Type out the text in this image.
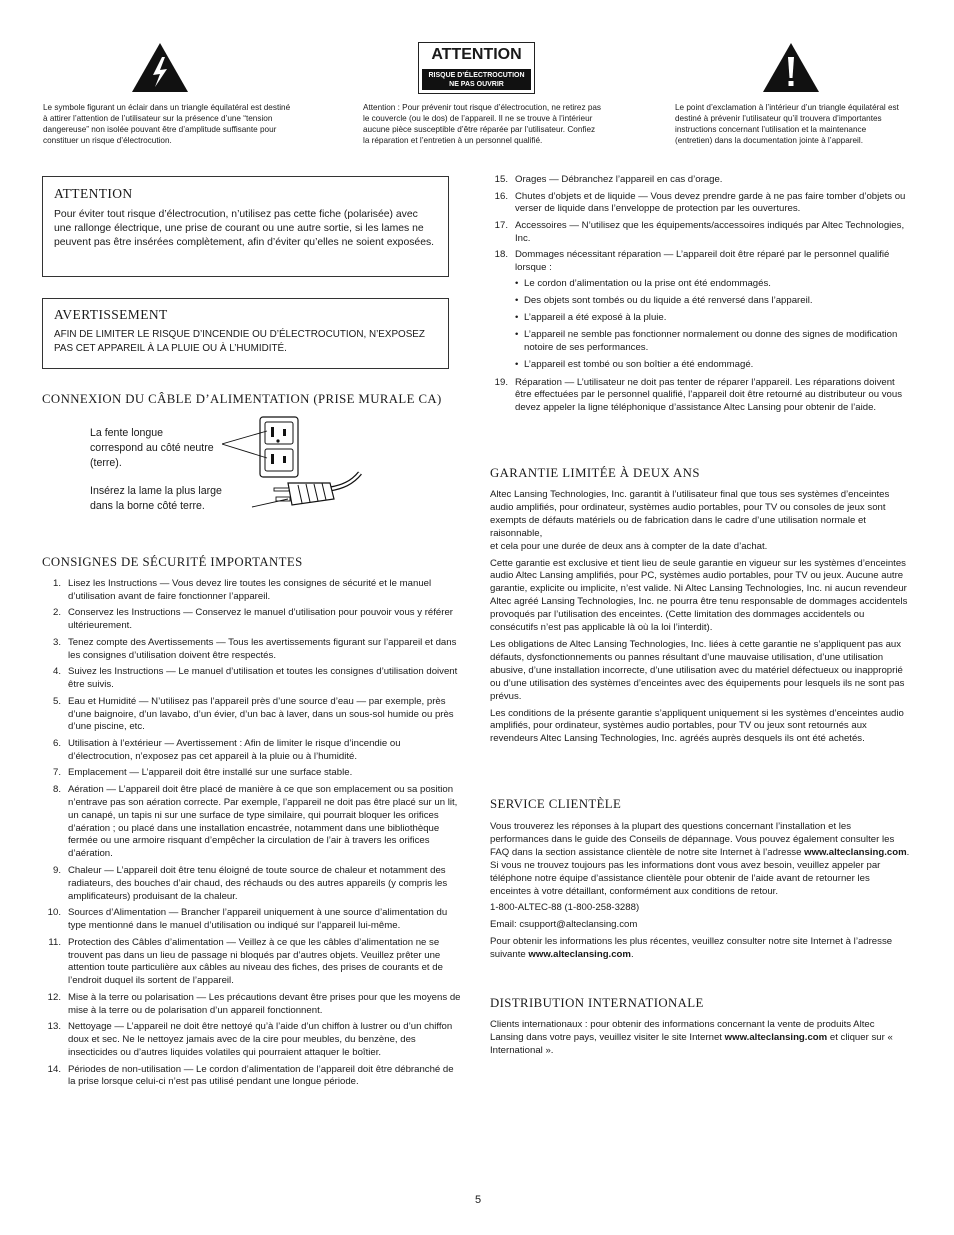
ATTENTION
RISQUE D’ÉLECTROCUTION
NE PAS OUVRIR

Le symbole figurant un éclair dans un triangle équilatéral est destiné à attirer l’attention de l’utilisateur sur la présence d’une “tension dangereuse” non isolée pouvant être d’amplitude suffisante pour constituer un risque d’électrocution.

Attention : Pour prévenir tout risque d’électrocution, ne retirez pas le couvercle (ou le dos) de l’appareil. Il ne se trouve à l’intérieur aucune pièce susceptible d’être réparée par l’utilisateur. Confiez la réparation et l’entretien à un personnel qualifié.

Le point d’exclamation à l’intérieur d’un triangle équilatéral est destiné à prévenir l’utilisateur qu’il trouvera d’importantes instructions concernant l’utilisation et la maintenance (entretien) dans la documentation jointe à l’appareil.

ATTENTION

Pour éviter tout risque d’électrocution, n’utilisez pas cette fiche (polarisée) avec une rallonge électrique, une prise de courant ou une autre sortie, si les lames ne peuvent pas être insérées complètement, afin d’éviter qu’elles ne soient exposées.

AVERTISSEMENT

AFIN DE LIMITER LE RISQUE D’INCENDIE OU D’ÉLECTROCUTION, N’EXPOSEZ PAS CET APPAREIL À LA PLUIE OU À L’HUMIDITÉ.

CONNEXION DU CÂBLE D’ALIMENTATION (PRISE MURALE CA)

La fente longue correspond au côté neutre (terre).

Insérez la lame la plus large dans la borne côté terre.

CONSIGNES DE SÉCURITÉ IMPORTANTES

1. Lisez les Instructions — Vous devez lire toutes les consignes de sécurité et le manuel d’utilisation avant de faire fonctionner l’appareil.
2. Conservez les Instructions — Conservez le manuel d’utilisation pour pouvoir vous y référer ultérieurement.
3. Tenez compte des Avertissements — Tous les avertissements figurant sur l’appareil et dans les consignes d’utilisation doivent être respectés.
4. Suivez les Instructions — Le manuel d’utilisation et toutes les consignes d’utilisation doivent être suivis.
5. Eau et Humidité — N’utilisez pas l’appareil près d’une source d’eau — par exemple, près d’une baignoire, d’un lavabo, d’un évier, d’un bac à laver, dans un sous-sol humide ou près d’une piscine, etc.
6. Utilisation à l’extérieur — Avertissement : Afin de limiter le risque d’incendie ou d’électrocution, n’exposez pas cet appareil à la pluie ou à l’humidité.
7. Emplacement — L’appareil doit être installé sur une surface stable.
8. Aération — L’appareil doit être placé de manière à ce que son emplacement ou sa position n’entrave pas son aération correcte. Par exemple, l’appareil ne doit pas être placé sur un lit, un canapé, un tapis ni sur une surface de type similaire, qui pourrait bloquer les orifices d’aération ; ou placé dans une installation encastrée, notamment dans une bibliothèque fermée ou une armoire risquant d’empêcher la circulation de l’air à travers les orifices d’aération.
9. Chaleur — L’appareil doit être tenu éloigné de toute source de chaleur et notamment des radiateurs, des bouches d’air chaud, des réchauds ou des autres appareils (y compris les amplificateurs) produisant de la chaleur.
10. Sources d’Alimentation — Brancher l’appareil uniquement à une source d’alimentation du type mentionné dans le manuel d’utilisation ou indiqué sur l’appareil lui-même.
11. Protection des Câbles d’alimentation — Veillez à ce que les câbles d’alimentation ne se trouvent pas dans un lieu de passage ni bloqués par d’autres objets. Veuillez prêter une attention toute particulière aux câbles au niveau des fiches, des prises de courants et de l’endroit duquel ils sortent de l’appareil.
12. Mise à la terre ou polarisation — Les précautions devant être prises pour que les moyens de mise à la terre ou de polarisation d’un appareil fonctionnent.
13. Nettoyage — L’appareil ne doit être nettoyé qu’à l’aide d’un chiffon à lustrer ou d’un chiffon doux et sec. Ne le nettoyez jamais avec de la cire pour meubles, du benzène, des insecticides ou d’autres liquides volatiles qui pourraient attaquer le boîtier.
14. Périodes de non-utilisation — Le cordon d’alimentation de l’appareil doit être débranché de la prise lorsque celui-ci n’est pas utilisé pendant une longue période.
15. Orages — Débranchez l’appareil en cas d’orage.
16. Chutes d’objets et de liquide — Vous devez prendre garde à ne pas faire tomber d’objets ou verser de liquide dans l’enveloppe de protection par les ouvertures.
17. Accessoires — N’utilisez que les équipements/accessoires indiqués par Altec Technologies, Inc.
18. Dommages nécessitant réparation — L’appareil doit être réparé par le personnel qualifié lorsque :
• Le cordon d’alimentation ou la prise ont été endommagés.
• Des objets sont tombés ou du liquide a été renversé dans l’appareil.
• L’appareil a été exposé à la pluie.
• L’appareil ne semble pas fonctionner normalement ou donne des signes de modification notoire de ses performances.
• L’appareil est tombé ou son boîtier a été endommagé.
19. Réparation — L’utilisateur ne doit pas tenter de réparer l’appareil. Les réparations doivent être effectuées par le personnel qualifié, l’appareil doit être retourné au distributeur ou vous devez appeler la ligne téléphonique d’assistance Altec Lansing pour obtenir de l’aide.

GARANTIE LIMITÉE À DEUX ANS

Altec Lansing Technologies, Inc. garantit à l’utilisateur final que tous ses systèmes d’enceintes audio amplifiés, pour ordinateur, systèmes audio portables, pour TV ou consoles de jeux sont exempts de défauts matériels ou de fabrication dans le cadre d’une utilisation normale et raisonnable,

et cela pour une durée de deux ans à compter de la date d’achat.

Cette garantie est exclusive et tient lieu de seule garantie en vigueur sur les systèmes d’enceintes audio Altec Lansing amplifiés, pour PC, systèmes audio portables, pour TV ou jeux. Aucune autre garantie, explicite ou implicite, n’est valide. Ni Altec Lansing Technologies, Inc. ni aucun revendeur Altec agréé Lansing Technologies, Inc. ne pourra être tenu responsable de dommages accidentels provoqués par l’utilisation des enceintes. (Cette limitation des dommages accidentels ou consécutifs n’est pas applicable là où la loi l’interdit).

Les obligations de Altec Lansing Technologies, Inc. liées à cette garantie ne s’appliquent pas aux défauts, dysfonctionnements ou pannes résultant d’une mauvaise utilisation, d’une utilisation abusive, d’une installation incorrecte, d’une utilisation avec du matériel défectueux ou inapproprié ou d’une utilisation des systèmes d’enceintes avec des équipements pour lesquels ils ne sont pas prévus.

Les conditions de la présente garantie s’appliquent uniquement si les systèmes d’enceintes audio amplifiés, pour ordinateur, systèmes audio portables, pour TV ou jeux sont retournés aux revendeurs Altec Lansing Technologies, Inc. agréés auprès desquels ils ont été achetés.

SERVICE CLIENTÈLE

Vous trouverez les réponses à la plupart des questions concernant l’installation et les performances dans le guide des Conseils de dépannage. Vous pouvez également consulter les FAQ dans la section assistance clientèle de notre site Internet à l’adresse www.alteclansing.com. Si vous ne trouvez toujours pas les informations dont vous avez besoin, veuillez appeler par téléphone notre équipe d’assistance clientèle pour obtenir de l’aide avant de retourner les enceintes à votre détaillant, conformément aux conditions de retour.

1-800-ALTEC-88 (1-800-258-3288)

Email: csupport@alteclansing.com

Pour obtenir les informations les plus récentes, veuillez consulter notre site Internet à l’adresse suivante www.alteclansing.com.

DISTRIBUTION INTERNATIONALE

Clients internationaux : pour obtenir des informations concernant la vente de produits Altec Lansing dans votre pays, veuillez visiter le site Internet www.alteclansing.com et cliquer sur « International ».

5
